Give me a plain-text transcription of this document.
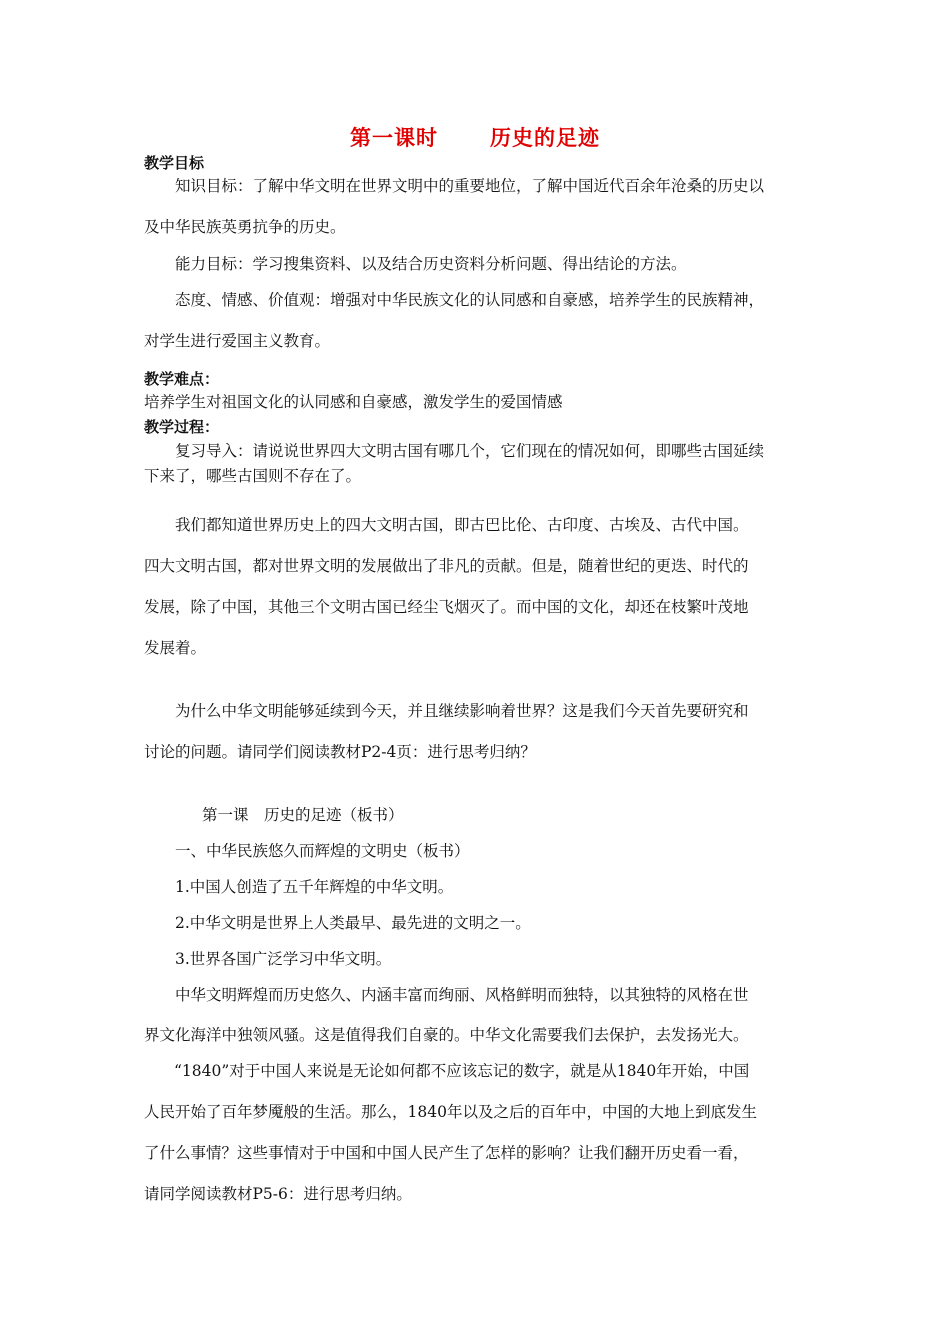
第一课时 历史的足迹
教学目标
知识目标：了解中华文明在世界文明中的重要地位，了解中国近代百余年沧桑的历史以
及中华民族英勇抗争的历史。
能力目标：学习搜集资料、以及结合历史资料分析问题、得出结论的方法。
态度、情感、价值观：增强对中华民族文化的认同感和自豪感，培养学生的民族精神，
对学生进行爱国主义教育。
教学难点：
培养学生对祖国文化的认同感和自豪感，激发学生的爱国情感
教学过程：
复习导入：请说说世界四大文明古国有哪几个，它们现在的情况如何，即哪些古国延续
下来了，哪些古国则不存在了。
我们都知道世界历史上的四大文明古国，即古巴比伦、古印度、古埃及、古代中国。
四大文明古国，都对世界文明的发展做出了非凡的贡献。但是，随着世纪的更迭、时代的
发展，除了中国，其他三个文明古国已经尘飞烟灭了。而中国的文化，却还在枝繁叶茂地
发展着。
为什么中华文明能够延续到今天，并且继续影响着世界？这是我们今天首先要研究和
讨论的问题。请同学们阅读教材P2-4页：进行思考归纳？
第一课　历史的足迹（板书）
一、中华民族悠久而辉煌的文明史（板书）
1.中国人创造了五千年辉煌的中华文明。
2.中华文明是世界上人类最早、最先进的文明之一。
3.世界各国广泛学习中华文明。
中华文明辉煌而历史悠久、内涵丰富而绚丽、风格鲜明而独特，以其独特的风格在世
界文化海洋中独领风骚。这是值得我们自豪的。中华文化需要我们去保护，去发扬光大。
“1840”对于中国人来说是无论如何都不应该忘记的数字，就是从1840年开始，中国
人民开始了百年梦魇般的生活。那么，1840年以及之后的百年中，中国的大地上到底发生
了什么事情？这些事情对于中国和中国人民产生了怎样的影响？让我们翻开历史看一看，
请同学阅读教材P5-6：进行思考归纳。
